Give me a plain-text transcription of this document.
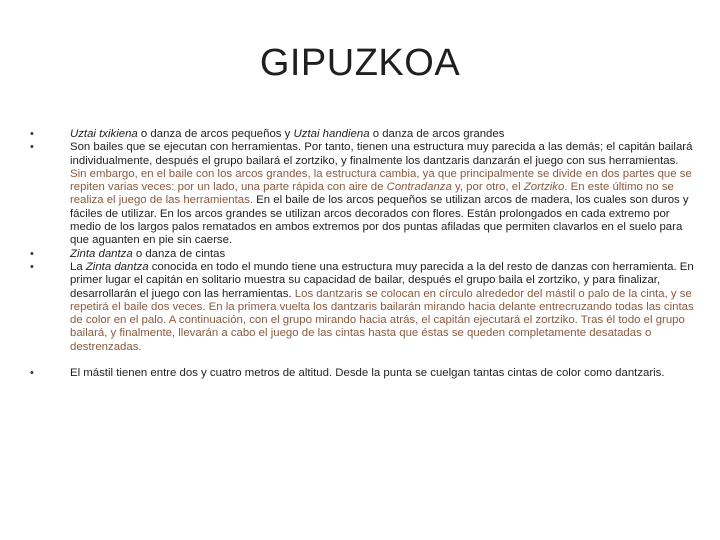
GIPUZKOA
•	Uztai txikiena o danza de arcos pequeños y Uztai handiena o danza de arcos grandes
•	Son bailes que se ejecutan con herramientas. Por tanto, tienen una estructura muy parecida a las demás; el capitán bailará individualmente, después el grupo bailará el zortziko, y finalmente los dantzaris danzarán el juego con sus herramientas. Sin embargo, en el baile con los arcos grandes, la estructura cambia, ya que principalmente se divide en dos partes que se repiten varias veces: por un lado, una parte rápida con aire de Contradanza y, por otro, el Zortziko. En este último no se realiza el juego de las herramientas. En el baile de los arcos pequeños se utilizan arcos de madera, los cuales son duros y fáciles de utilizar. En los arcos grandes se utilizan arcos decorados con flores. Están prolongados en cada extremo por medio de los largos palos rematados en ambos extremos por dos puntas afiladas que permiten clavarlos en el suelo para que aguanten en pie sin caerse.
•	Zinta dantza o danza de cintas
•	La Zinta dantza conocida en todo el mundo tiene una estructura muy parecida a la del resto de danzas con herramienta. En primer lugar el capitán en solitario muestra su capacidad de bailar, después el grupo baila el zortziko, y para finalizar, desarrollarán el juego con las herramientas. Los dantzaris se colocan en círculo alrededor del mástil o palo de la cinta, y se repetirá el baile dos veces. En la primera vuelta los dantzaris bailarán mirando hacia delante entrecruzando todas las cintas de color en el palo. A continuación, con el grupo mirando hacia atrás, el capitán ejecutará el zortziko. Tras él todo el grupo bailará, y finalmente, llevarán a cabo el juego de las cintas hasta que éstas se queden completamente desatadas o destrenzadas.
•	El mástil tienen entre dos y cuatro metros de altitud. Desde la punta se cuelgan tantas cintas de color como dantzaris.
